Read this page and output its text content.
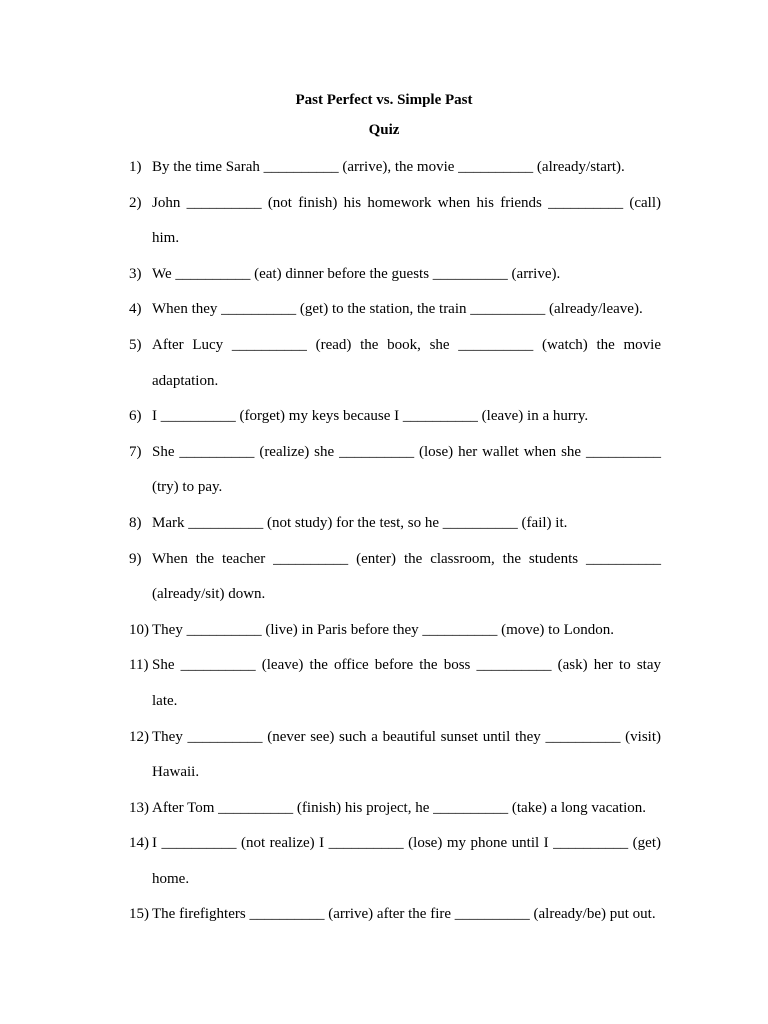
Past Perfect vs. Simple Past
Quiz
1) By the time Sarah __________ (arrive), the movie __________ (already/start).
2) John __________ (not finish) his homework when his friends __________ (call) him.
3) We __________ (eat) dinner before the guests __________ (arrive).
4) When they __________ (get) to the station, the train __________ (already/leave).
5) After Lucy __________ (read) the book, she __________ (watch) the movie adaptation.
6) I __________ (forget) my keys because I __________ (leave) in a hurry.
7) She __________ (realize) she __________ (lose) her wallet when she __________ (try) to pay.
8) Mark __________ (not study) for the test, so he __________ (fail) it.
9) When the teacher __________ (enter) the classroom, the students __________ (already/sit) down.
10) They __________ (live) in Paris before they __________ (move) to London.
11) She __________ (leave) the office before the boss __________ (ask) her to stay late.
12) They __________ (never see) such a beautiful sunset until they __________ (visit) Hawaii.
13) After Tom __________ (finish) his project, he __________ (take) a long vacation.
14) I __________ (not realize) I __________ (lose) my phone until I __________ (get) home.
15) The firefighters __________ (arrive) after the fire __________ (already/be) put out.
